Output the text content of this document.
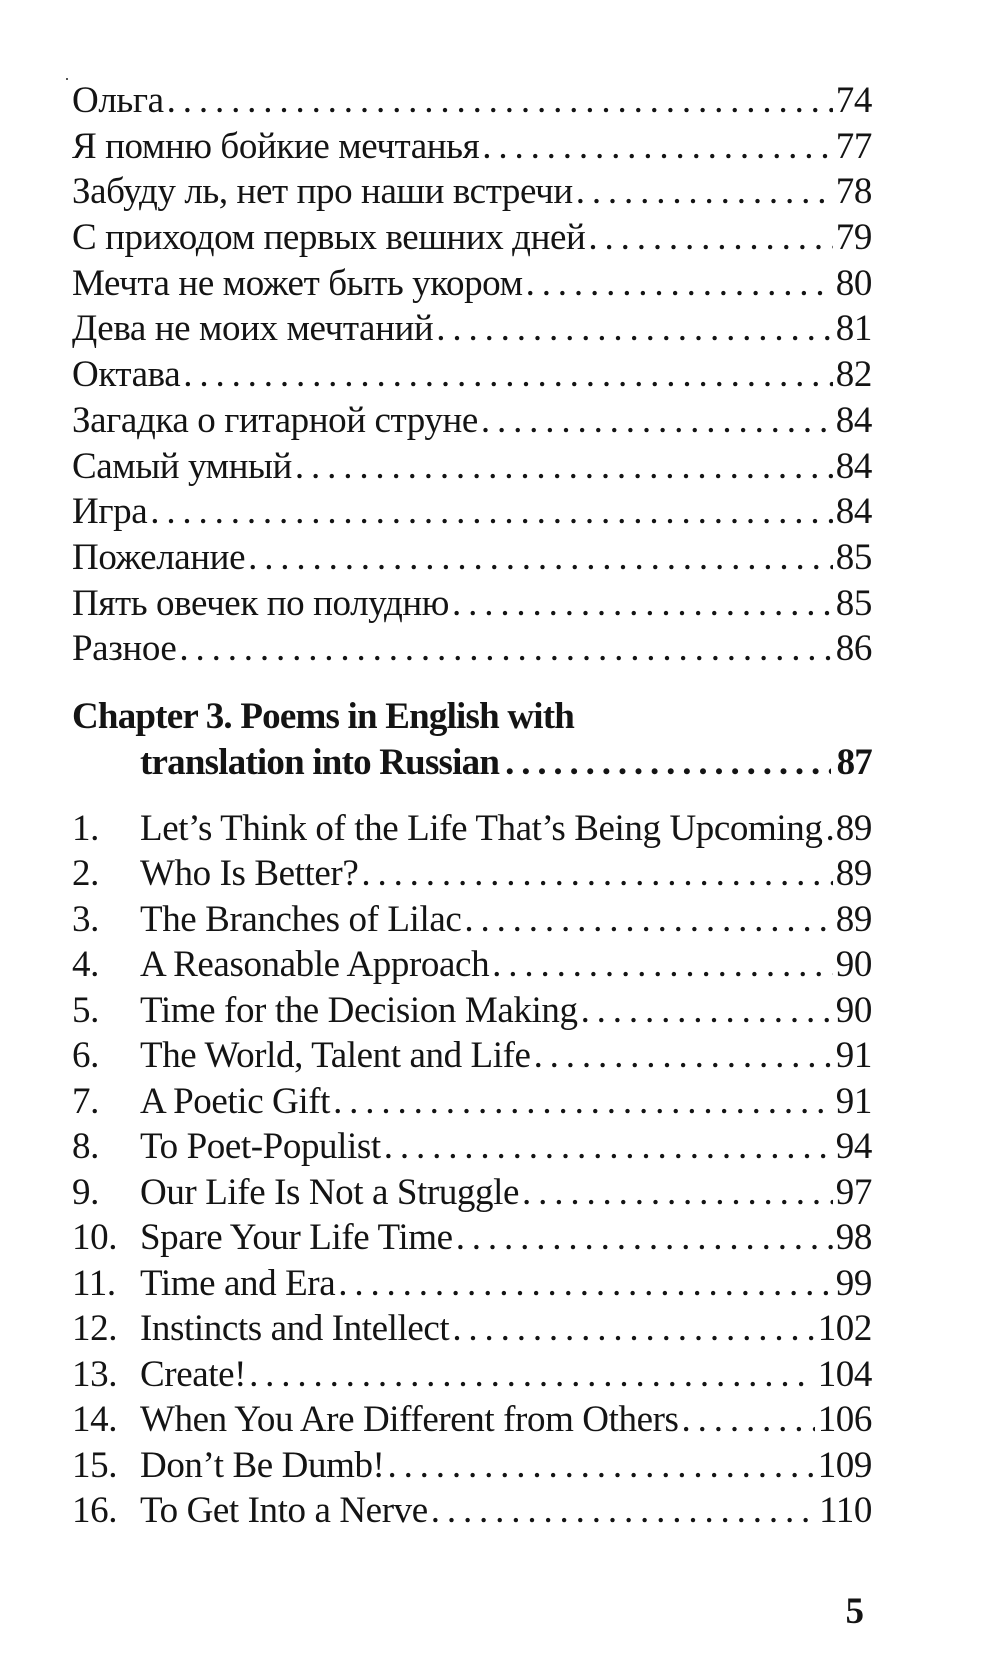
Ольга . . .	74
Я помню бойкие мечтанья . . .	77
Забуду ль, нет про наши встречи . . .	78
С приходом первых вешних дней . . .	79
Мечта не может быть укором . . .	80
Дева не моих мечтаний . . .	81
Октава . . .	82
Загадка о гитарной струне . . .	84
Самый умный . . .	84
Игра . . .	84
Пожелание . . .	85
Пять овечек по полудню . . .	85
Разное . . .	86
Chapter 3. Poems in English with
translation into Russian . . .	87
1.	Let’s Think of the Life That’s Being Upcoming . . . 89
2.	Who Is Better? . . .	89
3.	The Branches of Lilac . . .	89
4.	A Reasonable Approach . . .	90
5.	Time for the Decision Making . . .	90
6.	The World, Talent and Life . . .	91
7.	A Poetic Gift . . .	91
8.	To Poet-Populist . . .	94
9.	Our Life Is Not a Struggle . . .	97
10. Spare Your Life Time . . .	98
11. Time and Era . . .	99
12. Instincts and Intellect . . .	102
13. Create! . . .	104
14. When You Are Different from Others . . .	106
15. Don’t Be Dumb! . . .	109
16. To Get Into a Nerve . . .	110
5
